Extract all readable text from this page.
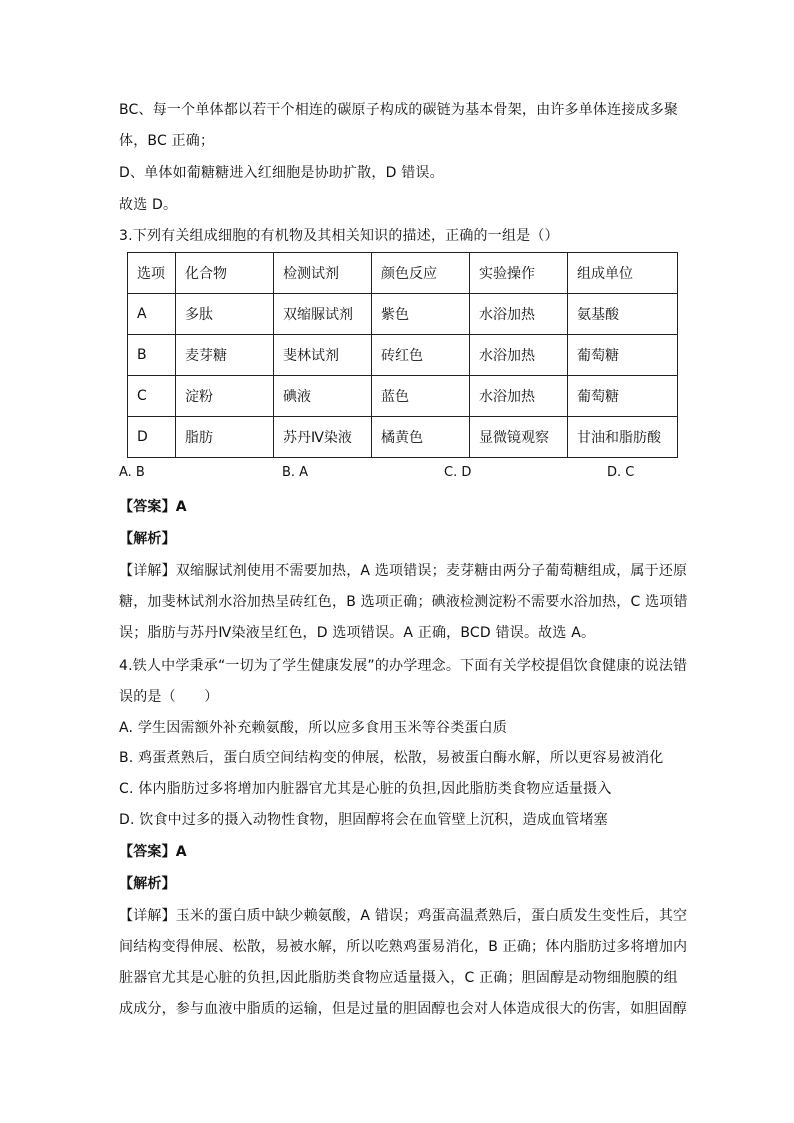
BC、每一个单体都以若干个相连的碳原子构成的碳链为基本骨架，由许多单体连接成多聚
体，BC 正确；
D、单体如葡糖糖进入红细胞是协助扩散，D 错误。
故选 D。
3.下列有关组成细胞的有机物及其相关知识的描述，正确的一组是（）
选项	化合物	检测试剂	颜色反应	实验操作	组成单位
A	多肽	双缩脲试剂	紫色	水浴加热	氨基酸
B	麦芽糖	斐林试剂	砖红色	水浴加热	葡萄糖
C	淀粉	碘液	蓝色	水浴加热	葡萄糖
D	脂肪	苏丹Ⅳ染液	橘黄色	显微镜观察	甘油和脂肪酸
A. B	B. A	C. D	D. C
【答案】A
【解析】
【详解】双缩脲试剂使用不需要加热，A 选项错误；麦芽糖由两分子葡萄糖组成，属于还原
糖，加斐林试剂水浴加热呈砖红色，B 选项正确；碘液检测淀粉不需要水浴加热，C 选项错
误；脂肪与苏丹Ⅳ染液呈红色，D 选项错误。A 正确，BCD 错误。故选 A。
4.铁人中学秉承“一切为了学生健康发展”的办学理念。下面有关学校提倡饮食健康的说法错
误的是（　　）
A. 学生因需额外补充赖氨酸，所以应多食用玉米等谷类蛋白质
B. 鸡蛋煮熟后，蛋白质空间结构变的伸展，松散，易被蛋白酶水解，所以更容易被消化
C. 体内脂肪过多将增加内脏器官尤其是心脏的负担,因此脂肪类食物应适量摄入
D. 饮食中过多的摄入动物性食物，胆固醇将会在血管壁上沉积，造成血管堵塞
【答案】A
【解析】
【详解】玉米的蛋白质中缺少赖氨酸，A 错误；鸡蛋高温煮熟后，蛋白质发生变性后，其空
间结构变得伸展、松散，易被水解，所以吃熟鸡蛋易消化，B 正确；体内脂肪过多将增加内
脏器官尤其是心脏的负担,因此脂肪类食物应适量摄入，C 正确；胆固醇是动物细胞膜的组
成成分，参与血液中脂质的运输，但是过量的胆固醇也会对人体造成很大的伤害，如胆固醇
